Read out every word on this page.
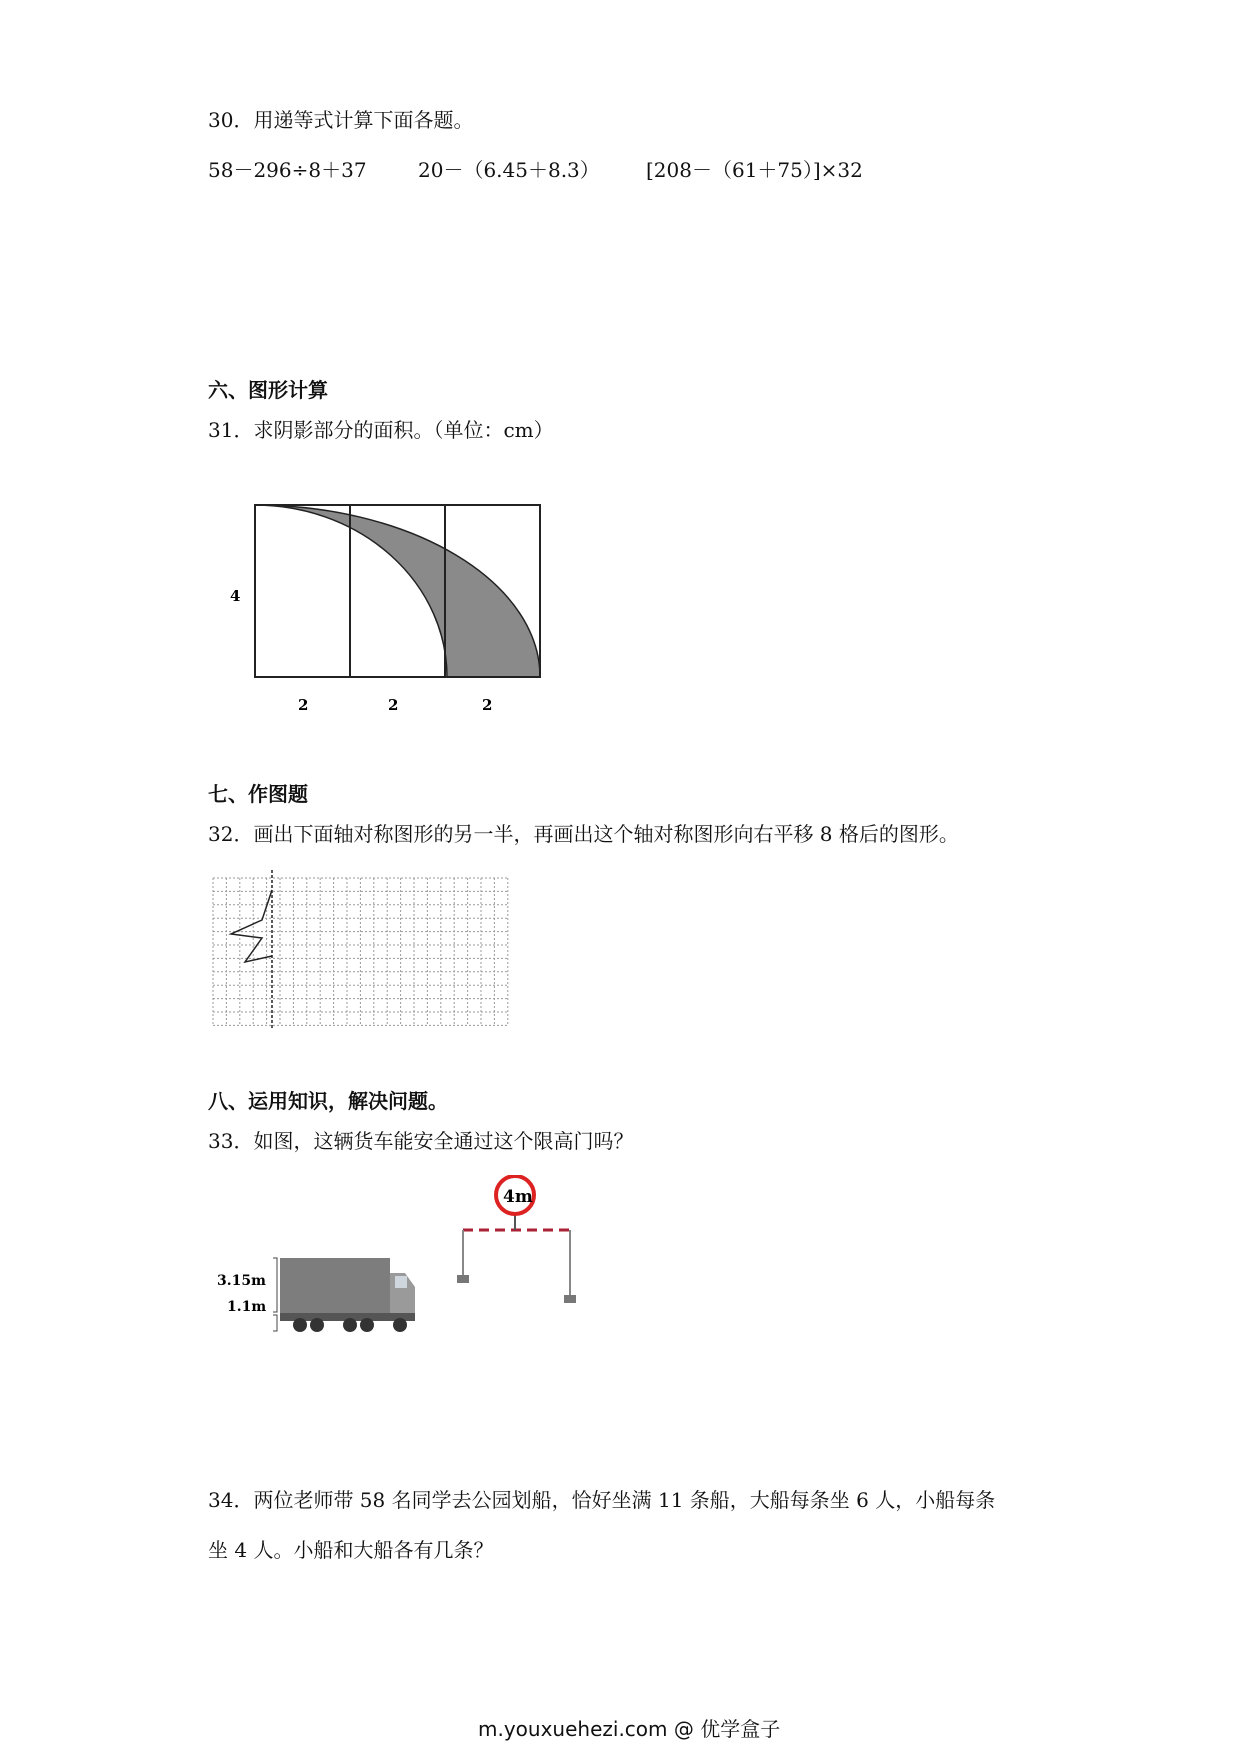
30．用递等式计算下面各题。
58－296÷8＋37	20－（6.45＋8.3） [208－（61＋75）]×32
六、图形计算
31．求阴影部分的面积。（单位：cm）
4
2	2	2
七、作图题
32．画出下面轴对称图形的另一半，再画出这个轴对称图形向右平移 8 格后的图形。
八、运用知识，解决问题。
33．如图，这辆货车能安全通过这个限高门吗？
3.15m
1.1m
4m
34．两位老师带 58 名同学去公园划船，恰好坐满 11 条船，大船每条坐 6 人，小船每条
坐 4 人。小船和大船各有几条？
m.youxuehezi.com @ 优学盒子
